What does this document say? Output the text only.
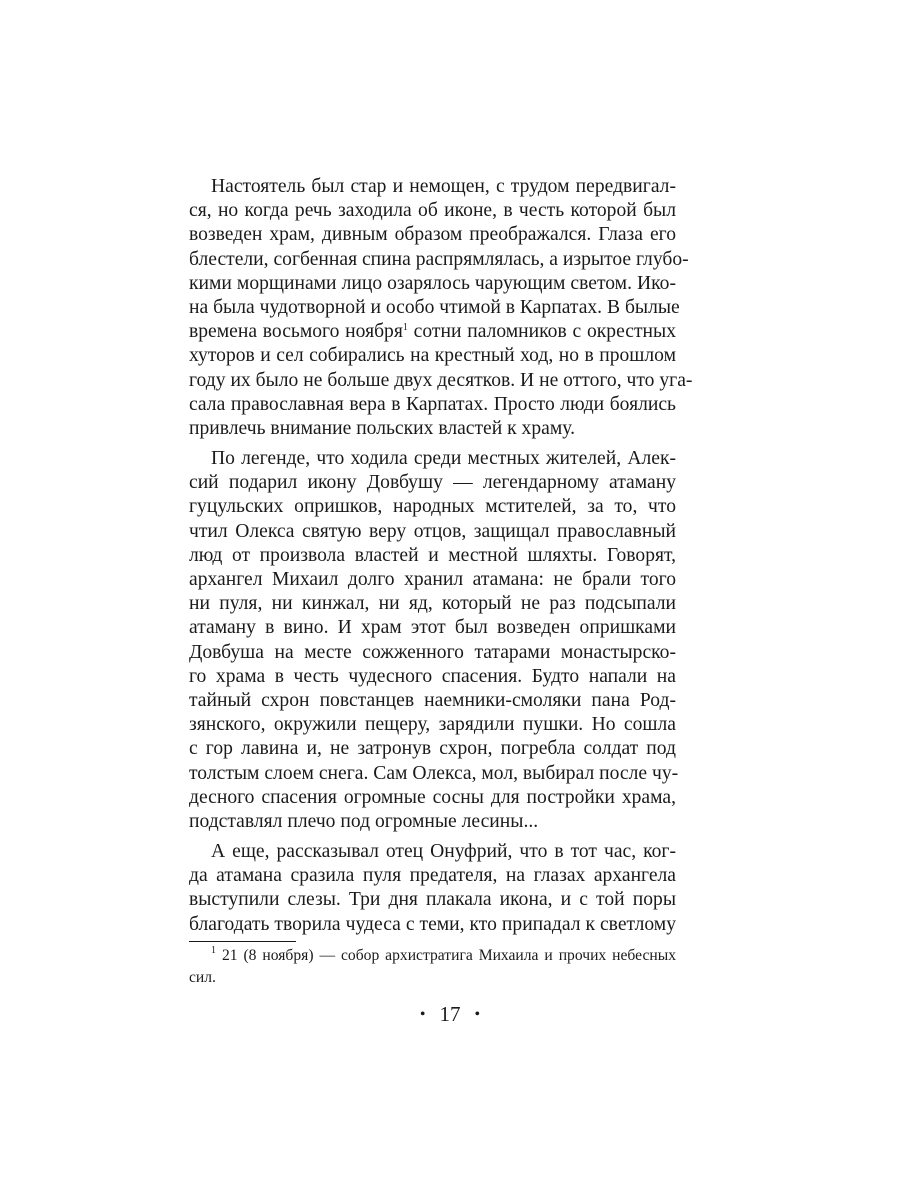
Настоятель был стар и немощен, с трудом передвигал-
ся, но когда речь заходила об иконе, в честь которой был
возведен храм, дивным образом преображался. Глаза его
блестели, согбенная спина распрямлялась, а изрытое глубо-
кими морщинами лицо озарялось чарующим светом. Ико-
на была чудотворной и особо чтимой в Карпатах. В былые
времена восьмого ноября$^1$ сотни паломников с окрестных
хуторов и сел собирались на крестный ход, но в прошлом
году их было не больше двух десятков. И не оттого, что уга-
сала православная вера в Карпатах. Просто люди боялись
привлечь внимание польских властей к храму.
По легенде, что ходила среди местных жителей, Алек-
сий подарил икону Довбушу — легендарному атаману
гуцульских опришков, народных мстителей, за то, что
чтил Олекса святую веру отцов, защищал православный
люд от произвола властей и местной шляхты. Говорят,
архангел Михаил долго хранил атамана: не брали того
ни пуля, ни кинжал, ни яд, который не раз подсыпали
атаману в вино. И храм этот был возведен опришками
Довбуша на месте сожженного татарами монастырско-
го храма в честь чудесного спасения. Будто напали на
тайный схрон повстанцев наемники-смоляки пана Род-
зянского, окружили пещеру, зарядили пушки. Но сошла
с гор лавина и, не затронув схрон, погребла солдат под
толстым слоем снега. Сам Олекса, мол, выбирал после чу-
десного спасения огромные сосны для постройки храма,
подставлял плечо под огромные лесины...
А еще, рассказывал отец Онуфрий, что в тот час, ког-
да атамана сразила пуля предателя, на глазах архангела
выступили слезы. Три дня плакала икона, и с той поры
благодать творила чудеса с теми, кто припадал к светлому
$^1$ 21 (8 ноября) — собор архистратига Михаила и прочих небесных
сил.
• 17 •
